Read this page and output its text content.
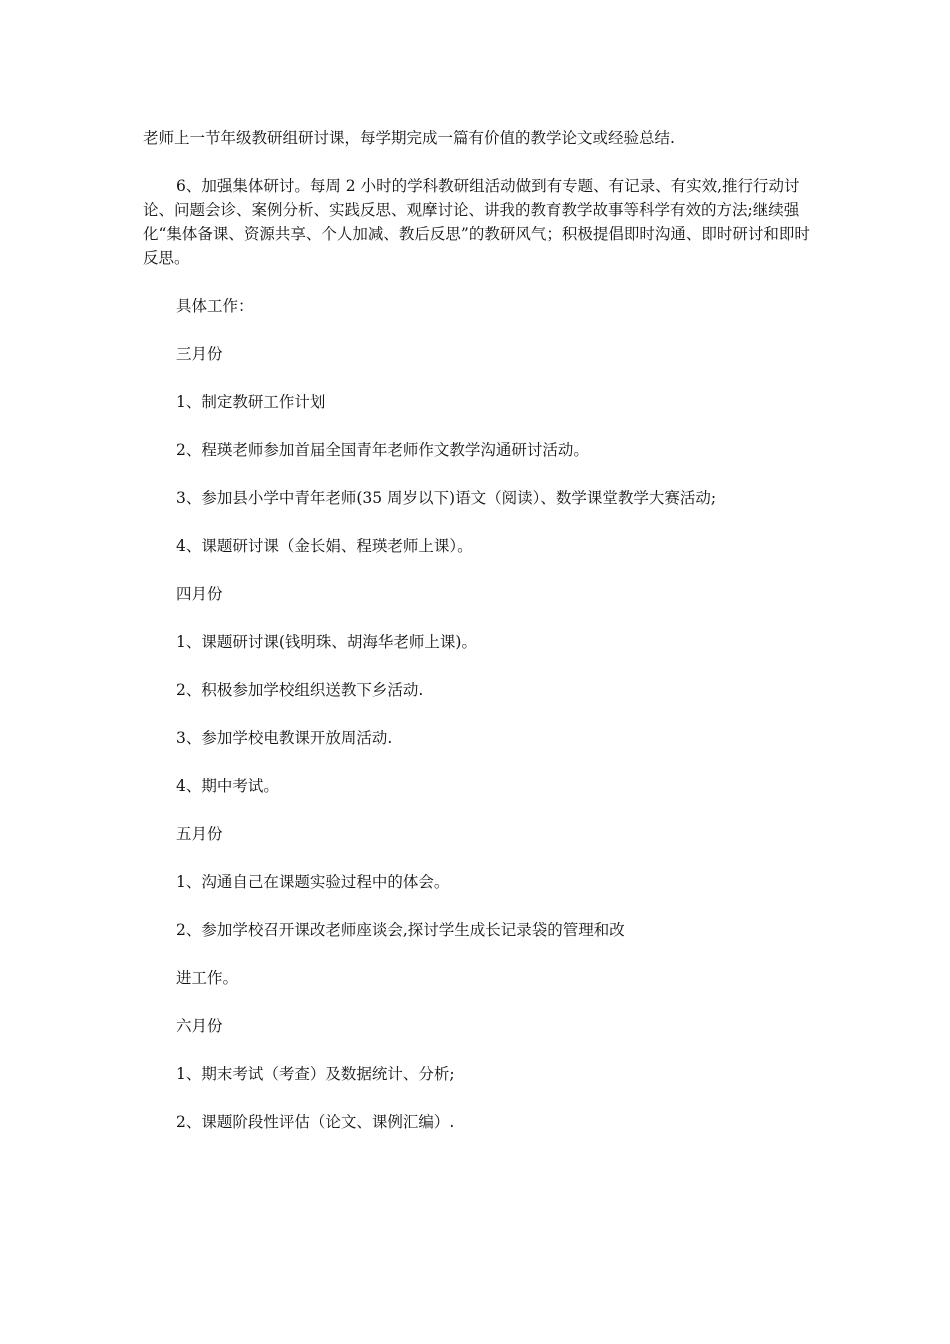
老师上一节年级教研组研讨课，每学期完成一篇有价值的教学论文或经验总结.

6、加强集体研讨。每周 2 小时的学科教研组活动做到有专题、有记录、有实效,推行行动讨论、问题会诊、案例分析、实践反思、观摩讨论、讲我的教育教学故事等科学有效的方法;继续强化“集体备课、资源共享、个人加减、教后反思”的教研风气；积极提倡即时沟通、即时研讨和即时反思。

具体工作：

三月份

1、制定教研工作计划

2、程瑛老师参加首届全国青年老师作文教学沟通研讨活动。

3、参加县小学中青年老师(35 周岁以下)语文（阅读）、数学课堂教学大赛活动;

4、课题研讨课（金长娟、程瑛老师上课）。

四月份

1、课题研讨课(钱明珠、胡海华老师上课)。

2、积极参加学校组织送教下乡活动.

3、参加学校电教课开放周活动.

4、期中考试。

五月份

1、沟通自己在课题实验过程中的体会。

2、参加学校召开课改老师座谈会,探讨学生成长记录袋的管理和改

进工作。

六月份

1、期末考试（考查）及数据统计、分析;

2、课题阶段性评估（论文、课例汇编）.
